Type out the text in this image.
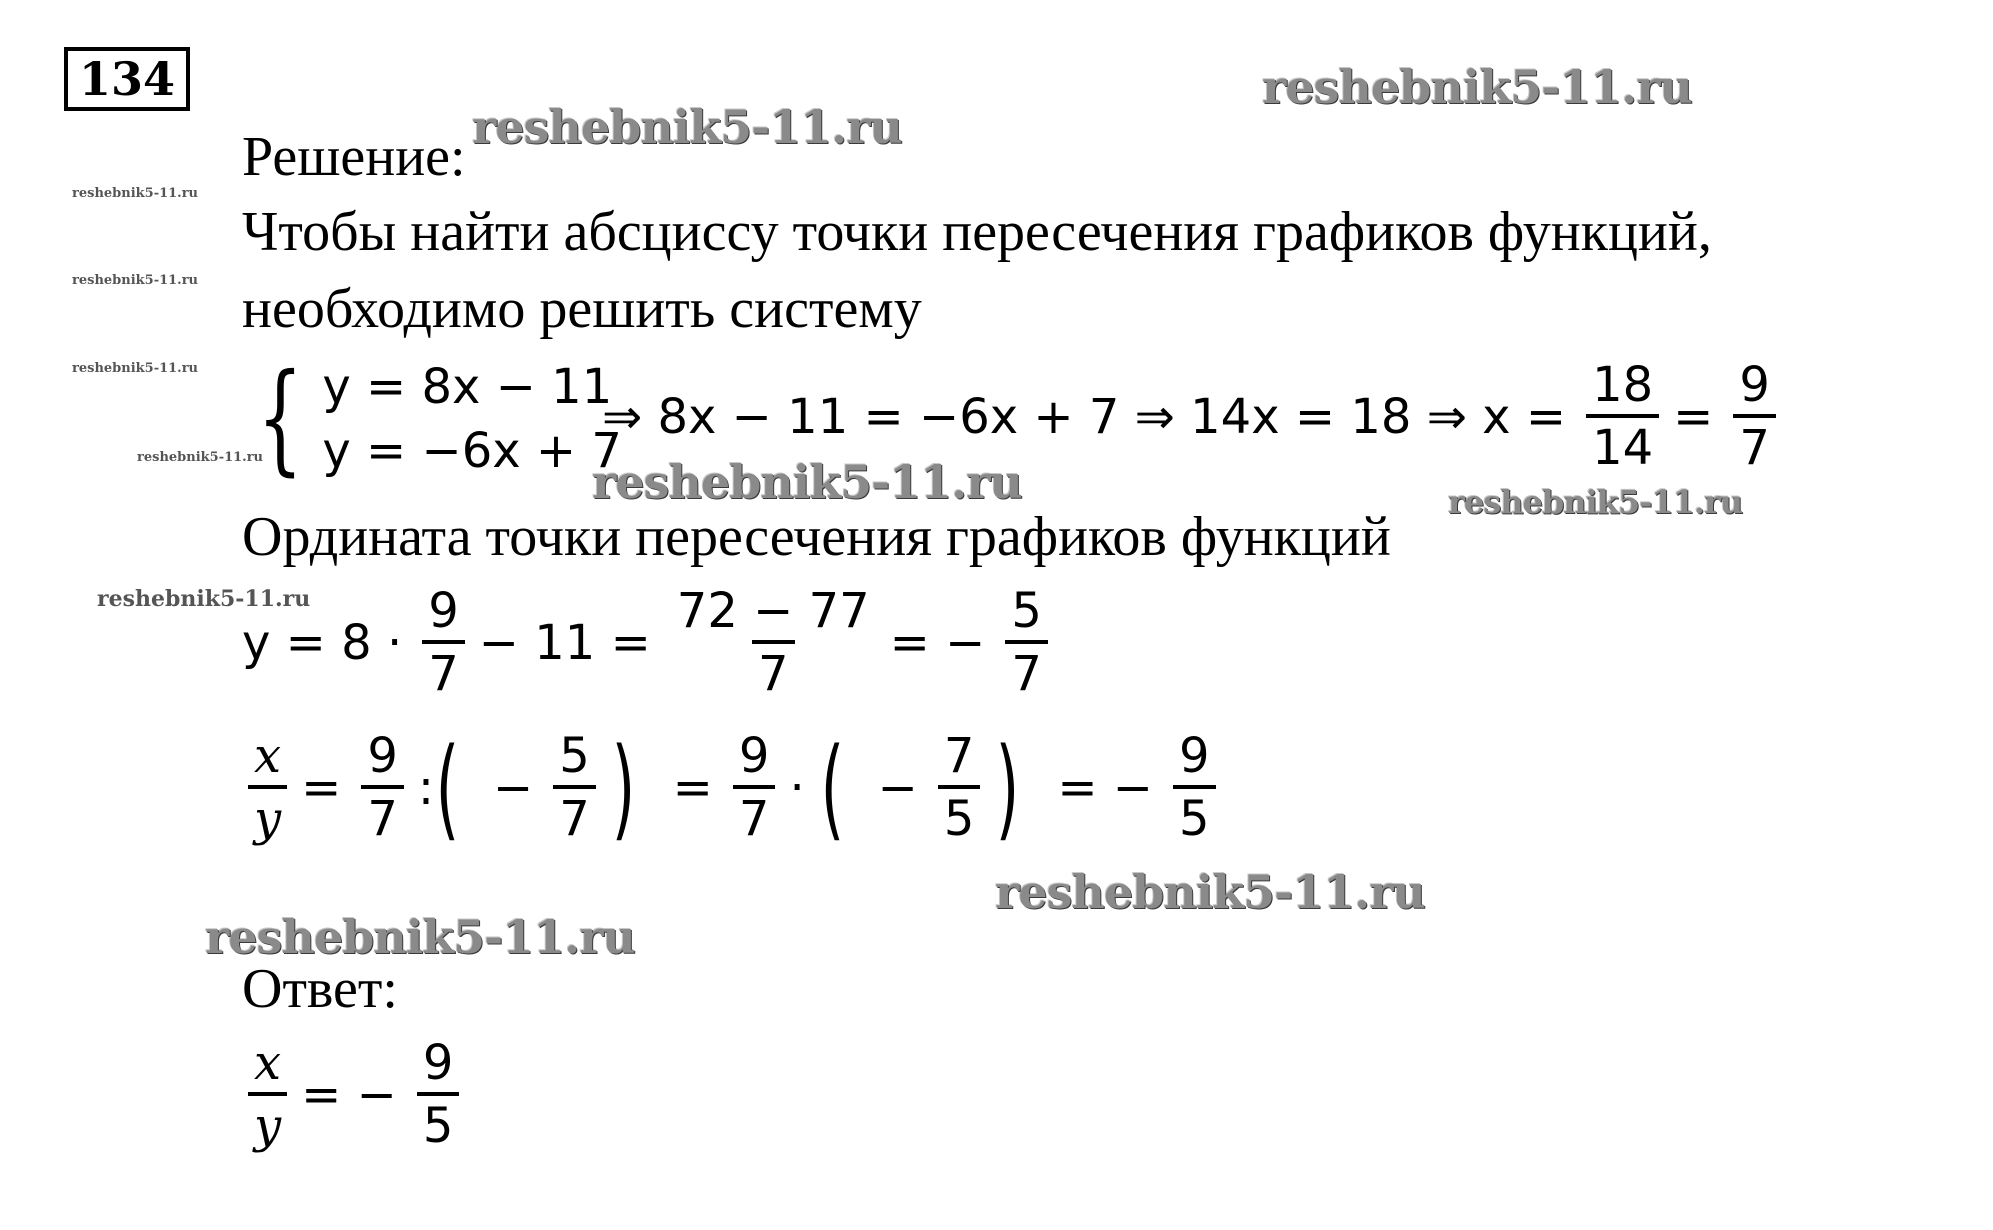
134	reshebnik5-11.ru
reshebnik5-11.ru
reshebnik5-11.ru
reshebnik5-11.ru
reshebnik5-11.ru
reshebnik5-11.ru	reshebnik5-11.ru	reshebnik5-11.ru
reshebnik5-11.ru
reshebnik5-11.ru
reshebnik5-11.ru
Решение:
Чтобы найти абсциссу точки пересечения графиков функций,
необходимо решить систему
{ y = 8x − 11
y = −6x + 7
⇒ 8x − 11 = −6x + 7 ⇒ 14x = 18 ⇒ $x = \frac{18}{14} = \frac{9}{7}$
Ордината точки пересечения графиков функций
$y = 8 \cdot \frac{9}{7} - 11 = \frac{72 - 77}{7}$ = − $\frac{5}{7}$
$\frac{x}{y} = \frac{9}{7}$ : ( − $\frac{5}{7}$ ) = $\frac{9}{7}$ · ( − $\frac{7}{5}$ ) = − $\frac{9}{5}$
Ответ:
$\frac{x}{y}$ = − $\frac{9}{5}$
